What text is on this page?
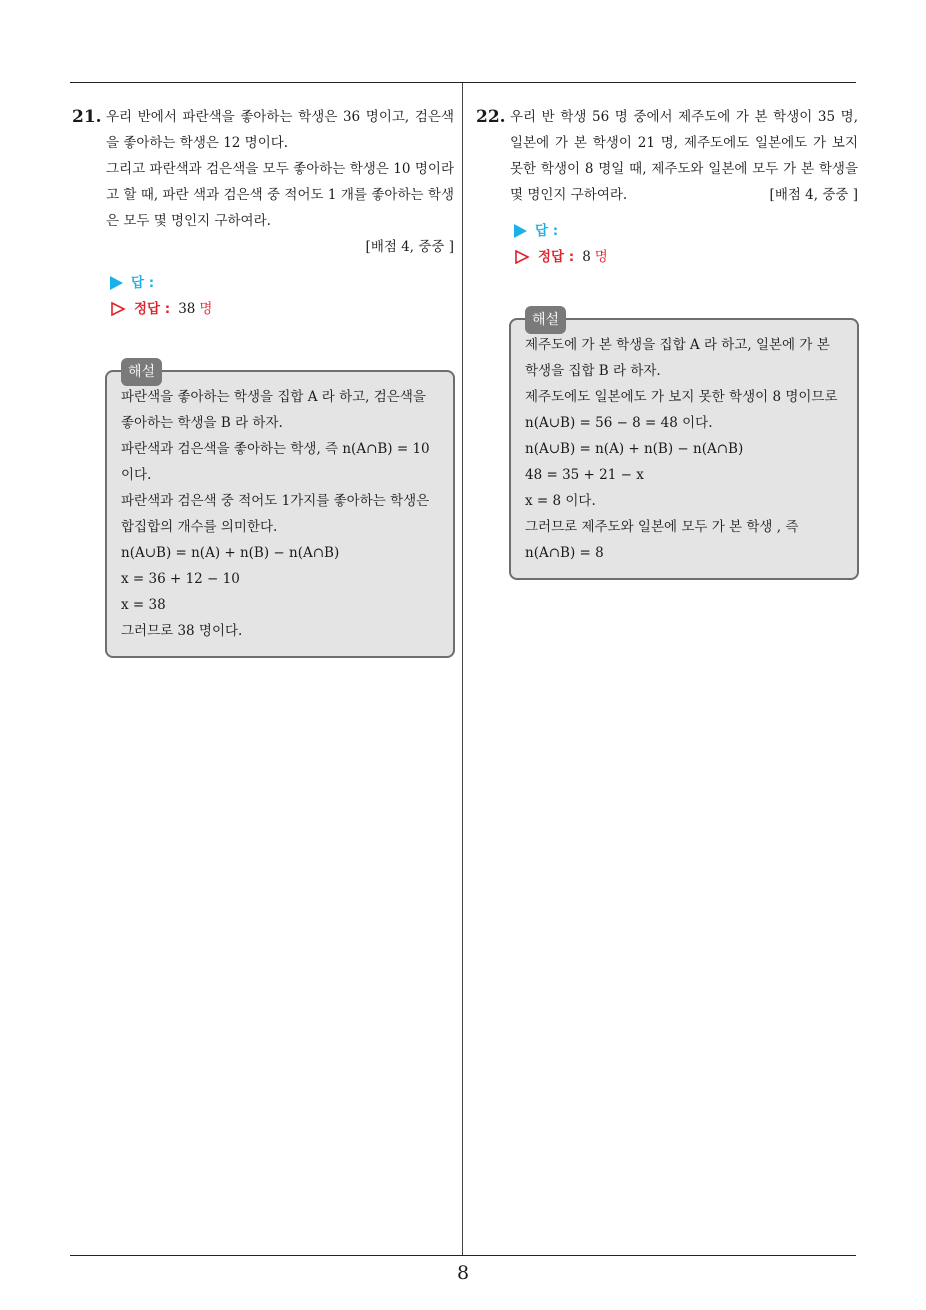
21. 우리 반에서 파란색을 좋아하는 학생은 36 명이고, 검은색을 좋아하는 학생은 12 명이다.

그리고 파란색과 검은색을 모두 좋아하는 학생은 10 명이라고 할 때, 파란 색과 검은색 중 적어도 1 개를 좋아하는 학생은 모두 몇 명인지 구하여라.

[배점 4, 중중 ]
답 :
정답 : 38 명
해설

파란색을 좋아하는 학생을 집합 A 라 하고, 검은색을 좋아하는 학생을 B 라 하자.

파란색과 검은색을 좋아하는 학생, 즉 n(A∩B) = 10 이다.

파란색과 검은색 중 적어도 1가지를 좋아하는 학생은 합집합의 개수를 의미한다.

n(A∪B) = n(A) + n(B) − n(A∩B)

x = 36 + 12 − 10

x = 38

그러므로 38 명이다.

22. 우리 반 학생 56 명 중에서 제주도에 가 본 학생이 35 명, 일본에 가 본 학생이 21 명, 제주도에도 일본에도 가 보지 못한 학생이 8 명일 때, 제주도와 일본에 모두 가 본 학생을 몇 명인지 구하여라.	[배점 4, 중중 ]

답 :
정답 : 8 명
해설

제주도에 가 본 학생을 집합 A 라 하고, 일본에 가 본 학생을 집합 B 라 하자.

제주도에도 일본에도 가 보지 못한 학생이 8 명이므로 n(A∪B) = 56 − 8 = 48 이다.

n(A∪B) = n(A) + n(B) − n(A∩B)

48 = 35 + 21 − x

x = 8 이다.

그러므로 제주도와 일본에 모두 가 본 학생 , 즉 n(A∩B) = 8

8
